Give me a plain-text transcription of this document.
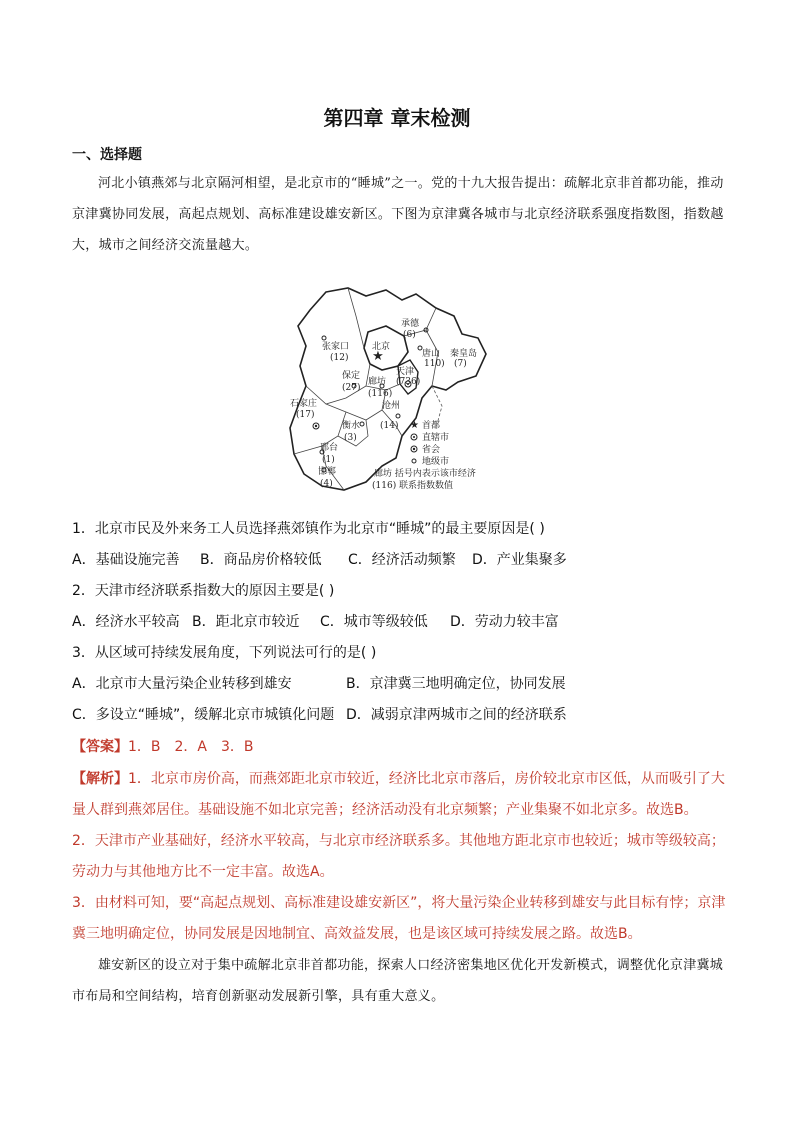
第四章 章末检测
一、选择题

河北小镇燕郊与北京隔河相望，是北京市的“睡城”之一。党的十九大报告提出：疏解北京非首都功能，推动京津冀协同发展，高起点规划、高标准建设雄安新区。下图为京津冀各城市与北京经济联系强度指数图，指数越大，城市之间经济交流量越大。

★
承德
(6)
张家口
(12)
北京
唐山
110)
秦皇岛
(7)
天津
(736)
保定
(27)
廊坊
(116)
石家庄
(17)
沧州
(14)
衡水
(3)
邢台
(1)
邯郸
(4)
★ 首都
直辖市
省会
地级市
廊坊 括号内表示该市经济
(116) 联系指数数值

1．北京市民及外来务工人员选择燕郊镇作为北京市“睡城”的最主要原因是( )

A．基础设施完善 B．商品房价格较低 C．经济活动频繁 D．产业集聚多

2．天津市经济联系指数大的原因主要是( )

A．经济水平较高 B．距北京市较近 C．城市等级较低 D．劳动力较丰富

3．从区域可持续发展角度，下列说法可行的是( )

A．北京市大量污染企业转移到雄安	B．京津冀三地明确定位，协同发展

C．多设立“睡城”，缓解北京市城镇化问题 D．减弱京津两城市之间的经济联系

【答案】1．B　2．A　3．B

【解析】1．北京市房价高，而燕郊距北京市较近，经济比北京市落后，房价较北京市区低，从而吸引了大量人群到燕郊居住。基础设施不如北京完善；经济活动没有北京频繁；产业集聚不如北京多。故选B。

2．天津市产业基础好，经济水平较高，与北京市经济联系多。其他地方距北京市也较近；城市等级较高；劳动力与其他地方比不一定丰富。故选A。

3．由材料可知，要“高起点规划、高标准建设雄安新区”，将大量污染企业转移到雄安与此目标有悖；京津冀三地明确定位，协同发展是因地制宜、高效益发展，也是该区域可持续发展之路。故选B。

雄安新区的设立对于集中疏解北京非首都功能，探索人口经济密集地区优化开发新模式，调整优化京津冀城市布局和空间结构，培育创新驱动发展新引擎，具有重大意义。
